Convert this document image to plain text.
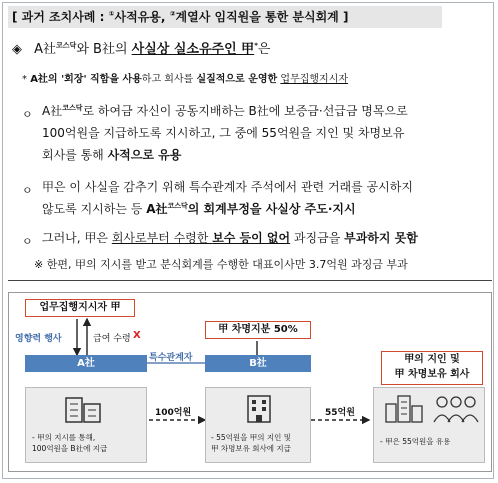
[ 과거 조치사례 : ①사적유용, ②계열사 임직원을 통한 분식회계 ]
◈ A社$^{코스닥}$와 B社의 사실상 실소유주인 甲*은
* A社의 '회장' 직함을 사용하고 회사를 실질적으로 운영한 업무집행지시자
ㅇ A社$^{코스닥}$로 하여금 자신이 공동지배하는 B社에 보증금·선급금 명목으로
100억원을 지급하도록 지시하고, 그 중에 55억원을 지인 및 차명보유
회사를 통해 사적으로 유용
ㅇ 甲은 이 사실을 감추기 위해 특수관계자 주석에서 관련 거래를 공시하지
않도록 지시하는 등 A社$^{코스닥}$의 회계부정을 사실상 주도·지시
ㅇ 그러나, 甲은 회사로부터 수령한 보수 등이 없어 과징금을 부과하지 못함
※ 한편, 甲의 지시를 받고 분식회계를 수행한 대표이사만 3.7억원 과징금 부과
업무집행지시자 甲
영향력 행사	급여 수령 X
甲 차명지분 50%
특수관계자	甲의 지인 및
甲 차명보유 회사
A社	B社
- 甲의 지시를 통해,
100억원을 B社에 지급
100억원
- 55억원을 甲의 지인 및
甲 차명보유 회사에 지급
55억원
- 甲은 55억원을 유용
